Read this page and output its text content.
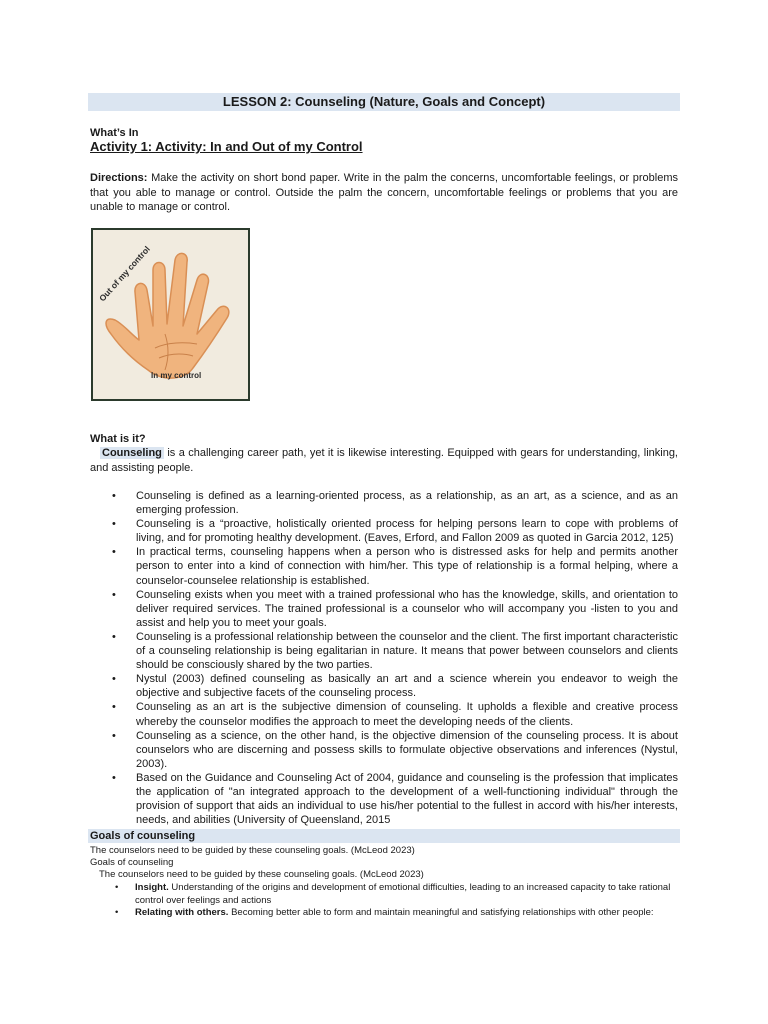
LESSON 2: Counseling (Nature, Goals and Concept)
What’s In
Activity 1: Activity: In and Out of my Control
Directions: Make the activity on short bond paper. Write in the palm the concerns, uncomfortable feelings, or problems that you able to manage or control. Outside the palm the concern, uncomfortable feelings or problems that you are unable to manage or control.
Out of my control
In my control
What is it?
Counseling is a challenging career path, yet it is likewise interesting. Equipped with gears for understanding, linking, and assisting people.
• Counseling is defined as a learning-oriented process, as a relationship, as an art, as a science, and as an emerging profession.
• Counseling is a “proactive, holistically oriented process for helping persons learn to cope with problems of living, and for promoting healthy development. (Eaves, Erford, and Fallon 2009 as quoted in Garcia 2012, 125)
• In practical terms, counseling happens when a person who is distressed asks for help and permits another person to enter into a kind of connection with him/her. This type of relationship is a formal helping, where a counselor-counselee relationship is established.
• Counseling exists when you meet with a trained professional who has the knowledge, skills, and orientation to deliver required services. The trained professional is a counselor who will accompany you -listen to you and assist and help you to meet your goals.
• Counseling is a professional relationship between the counselor and the client. The first important characteristic of a counseling relationship is being egalitarian in nature. It means that power between counselors and clients should be consciously shared by the two parties.
• Nystul (2003) defined counseling as basically an art and a science wherein you endeavor to weigh the objective and subjective facets of the counseling process.
• Counseling as an art is the subjective dimension of counseling. It upholds a flexible and creative process whereby the counselor modifies the approach to meet the developing needs of the clients.
• Counseling as a science, on the other hand, is the objective dimension of the counseling process. It is about counselors who are discerning and possess skills to formulate objective observations and inferences (Nystul, 2003).
• Based on the Guidance and Counseling Act of 2004, guidance and counseling is the profession that implicates the application of "an integrated approach to the development of a well-functioning individual" through the provision of support that aids an individual to use his/her potential to the fullest in accord with his/her interests, needs, and abilities (University of Queensland, 2015
Goals of counseling
The counselors need to be guided by these counseling goals. (McLeod 2023)
Goals of counseling
The counselors need to be guided by these counseling goals. (McLeod 2023)
• Insight. Understanding of the origins and development of emotional difficulties, leading to an increased capacity to take rational control over feelings and actions
• Relating with others. Becoming better able to form and maintain meaningful and satisfying relationships with other people:
